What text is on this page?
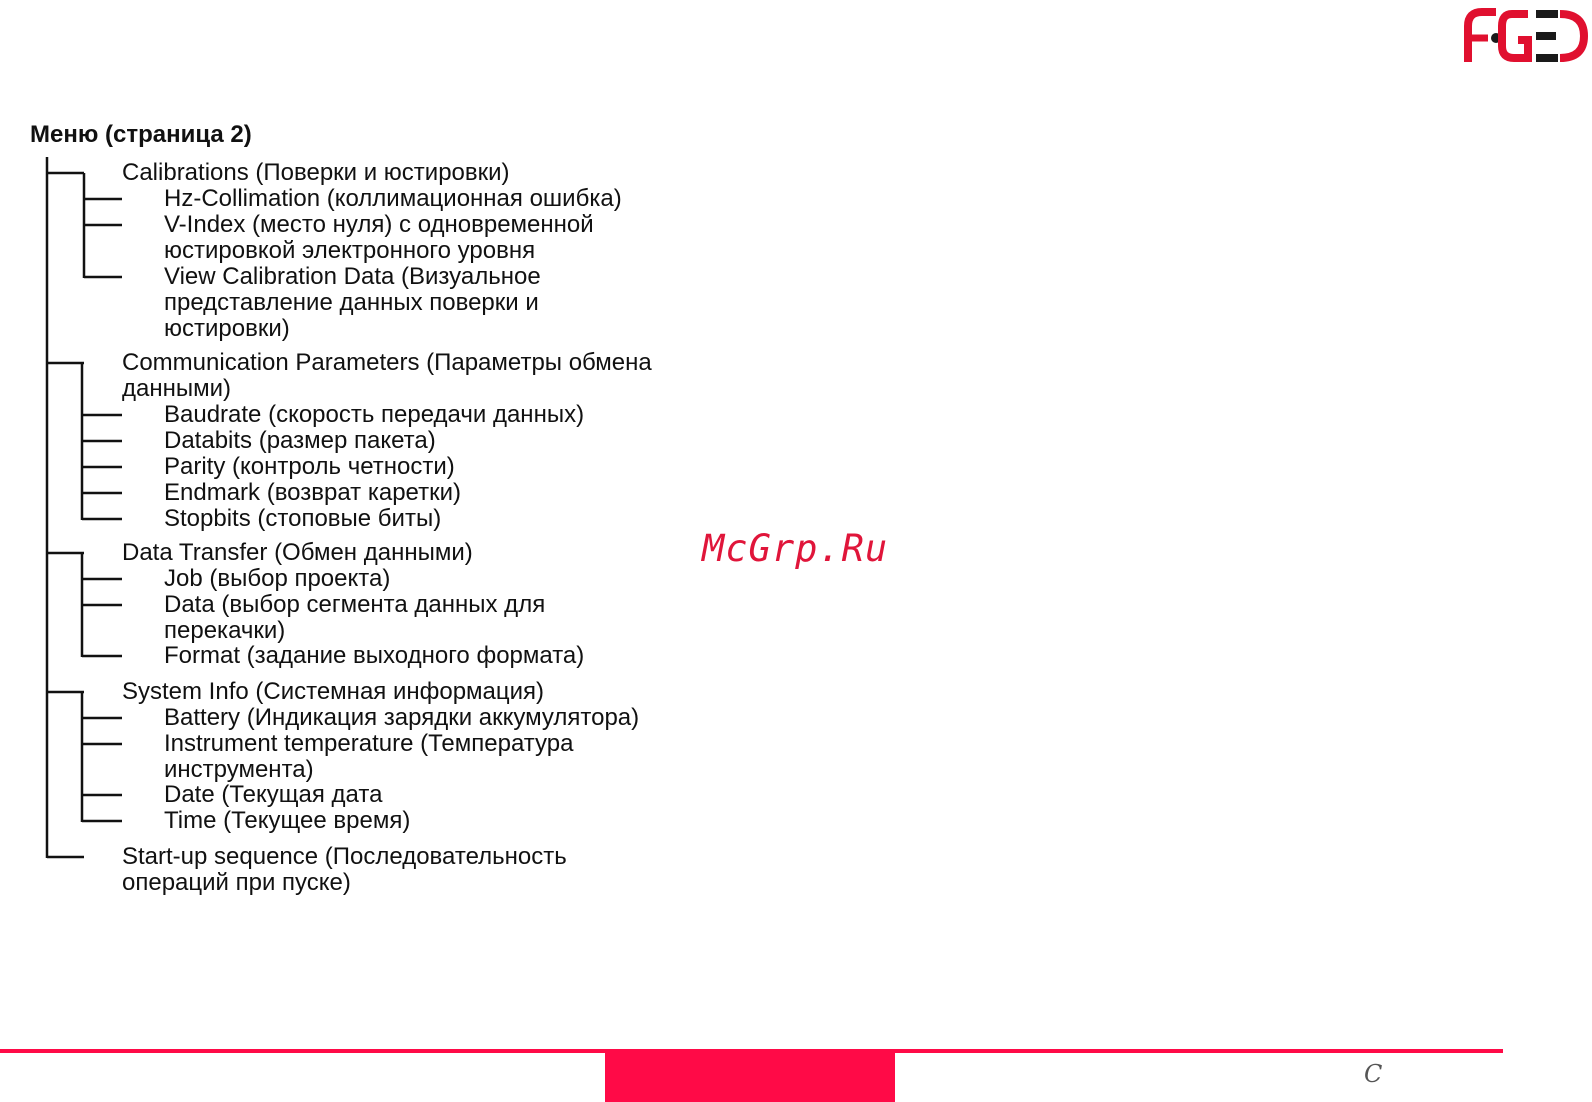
Меню (страница 2)

Calibrations (Поверки и юстировки)

Hz-Collimation (коллимационная ошибка)

V-Index (место нуля) с одновременной
юстировкой электронного уровня

View Calibration Data (Визуальное
представление данных поверки и
юстировки)

Communication Parameters (Параметры обмена
данными)

Baudrate (скорость передачи данных)

Databits (размер пакета)

Parity (контроль четности)

Endmark (возврат каретки)

Stopbits (стоповые биты)

Data Transfer (Обмен данными)

Job (выбор проекта)

Data (выбор сегмента данных для
перекачки)

Format (задание выходного формата)

System Info (Системная информация)

Battery (Индикация зарядки аккумулятора)

Instrument temperature (Температура
инструмента)

Date (Текущая дата

Time (Текущее время)

Start-up sequence (Последовательность
операций при пуске)

McGrp.Ru
C
